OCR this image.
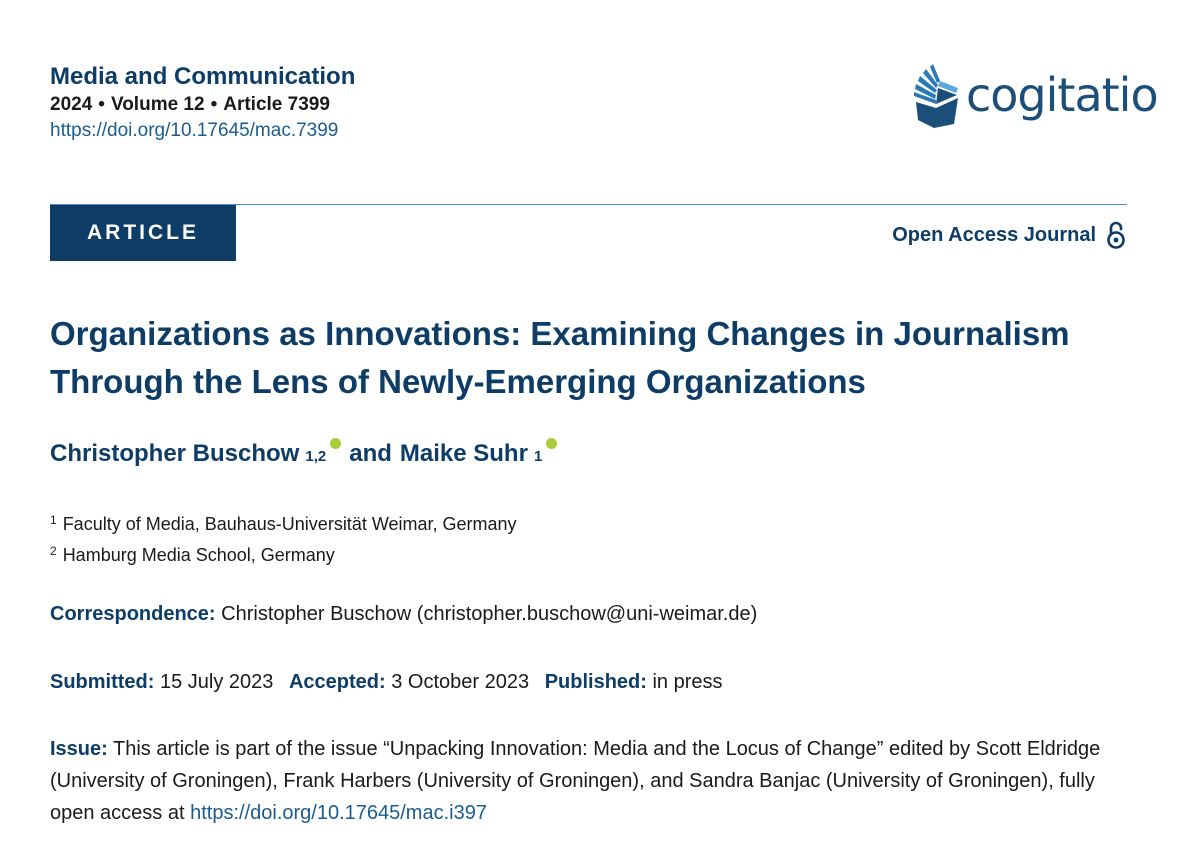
Media and Communication
2024 • Volume 12 • Article 7399
https://doi.org/10.17645/mac.7399
cogitatio
ARTICLE	Open Access Journal
Organizations as Innovations: Examining Changes in Journalism
Through the Lens of Newly-Emerging Organizations
Christopher Buschow 1,2 and Maike Suhr 1
$^1$ Faculty of Media, Bauhaus-Universität Weimar, Germany
$^2$ Hamburg Media School, Germany
Correspondence: Christopher Buschow (christopher.buschow@uni-weimar.de)
Submitted: 15 July 2023 Accepted: 3 October 2023 Published: in press
Issue: This article is part of the issue “Unpacking Innovation: Media and the Locus of Change” edited by Scott Eldridge (University of Groningen), Frank Harbers (University of Groningen), and Sandra Banjac (University of Groningen), fully open access at https://doi.org/10.17645/mac.i397
